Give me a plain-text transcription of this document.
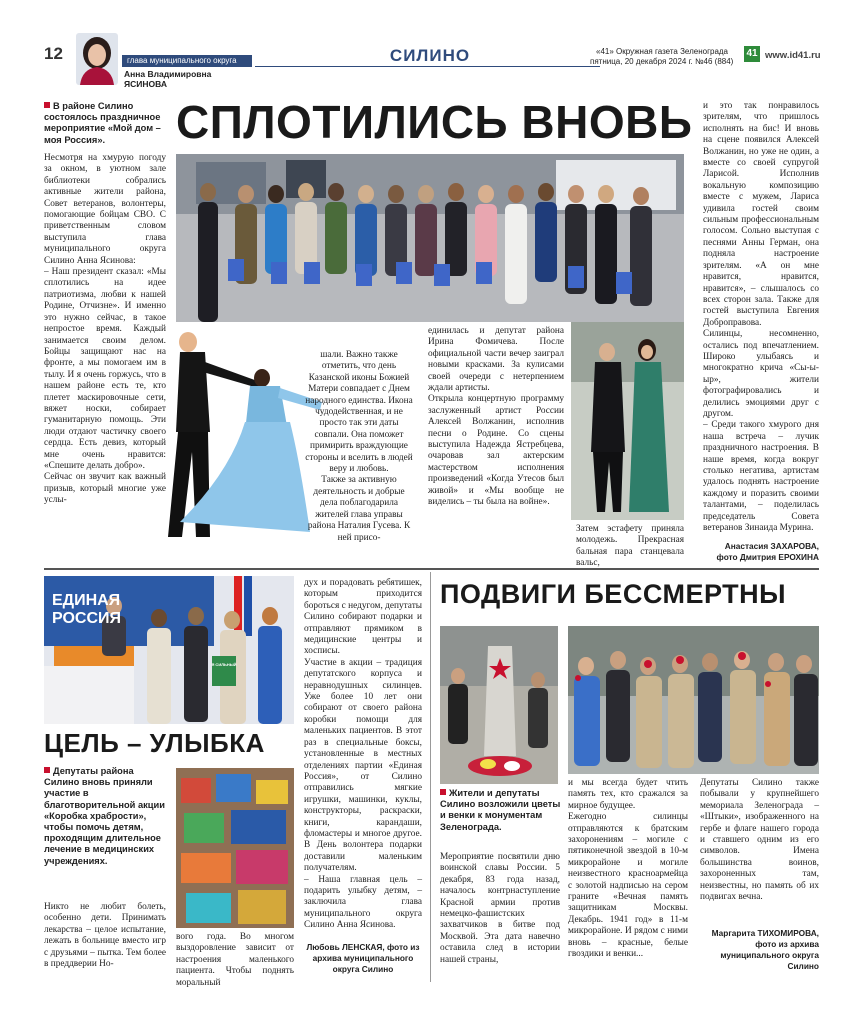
12	глава муниципального округа
Анна Владимировна
ЯСИНОВА
СИЛИНО	«41» Окружная газета Зеленограда
пятница, 20 декабря 2024 г. №46 (884)
41 www.id41.ru
В районе Силино состоялось праздничное мероприятие «Мой дом – моя Россия».
Несмотря на хмурую погоду за окном, в уютном зале библиотеки собрались активные жители района, Совет ветеранов, волонтеры, помогающие бойцам СВО. С приветственным словом выступила глава муниципального округа Силино Анна Ясинова:
– Наш президент сказал: «Мы сплотились на идее патриотизма, любви к нашей Родине, Отчизне». И именно это нужно сейчас, в такое непростое время. Каждый занимается своим делом. Бойцы защищают нас на фронте, а мы помогаем им в тылу. И я очень горжусь, что в нашем районе есть те, кто плетет маскировочные сети, вяжет носки, собирает гуманитарную помощь. Эти люди отдают частичку своего сердца. Есть девиз, который мне очень нравится: «Спешите делать добро».
Сейчас он звучит как важный призыв, который многие уже услы-
СПЛОТИЛИСЬ ВНОВЬ
шали. Важно также отметить, что день Казанской иконы Божией Матери совпадает с Днем народного единства. Икона чудодейственная, и не просто так эти даты совпали. Она поможет примирить враждующие стороны и вселить в людей веру и любовь.
Также за активную деятельность и добрые дела поблагодарила жителей глава управы района Наталия Гусева. К ней присо-
единилась и депутат района Ирина Фомичева. После официальной части вечер заиграл новыми красками. За кулисами своей очереди с нетерпением ждали артисты.
Открыла концертную программу заслуженный артист России Алексей Волжанин, исполнив песни о Родине. Со сцены выступила Надежда Ястребцева, очаровав зал актерским мастерством исполнения произведений «Когда Утесов был живой» и «Мы вообще не виделись – ты была на войне».
Затем эстафету приняла молодежь. Прекрасная бальная пара станцевала вальс,
и это так понравилось зрителям, что пришлось исполнять на бис! И вновь на сцене появился Алексей Волжанин, но уже не один, а вместе со своей супругой Ларисой. Исполнив вокальную композицию вместе с мужем, Лариса удивила гостей своим сильным профессиональным голосом. Сольно выступая с песнями Анны Герман, она подняла настроение зрителям. «А он мне нравится, нравится, нравится», – слышалось со всех сторон зала. Также для гостей выступила Евгения Доброправова.
Силинцы, несомненно, остались под впечатлением. Широко улыбаясь и многократно крича «Сы-ы-ыр», жители фотографировались и делились эмоциями друг с другом.
– Среди такого хмурого дня наша встреча – лучик праздничного настроения. В наше время, когда вокруг столько негатива, артистам удалось поднять настроение каждому и поразить своими талантами, – поделилась председатель Совета ветеранов Зинаида Мурина.
Анастасия ЗАХАРОВА,
фото Дмитрия ЕРОХИНА
ЕДИНАЯ РОССИЯ
Я СИЛЬНЫЙ
ЦЕЛЬ – УЛЫБКА
Депутаты района Силино вновь приняли участие в благотворительной акции «Коробка храбрости», чтобы помочь детям, проходящим длительное лечение в медицинских учреждениях.
Никто не любит болеть, особенно дети. Принимать лекарства – целое испытание, лежать в больнице вместо игр с друзьями – пытка. Тем более в преддверии Но-
вого года. Во многом выздоровление зависит от настроения маленького пациента. Чтобы поднять моральный
дух и порадовать ребятишек, которым приходится бороться с недугом, депутаты Силино собирают подарки и отправляют прямиком в медицинские центры и хосписы.
Участие в акции – традиция депутатского корпуса и неравнодушных силинцев. Уже более 10 лет они собирают от своего района коробки помощи для маленьких пациентов. В этот раз в специальные боксы, установленные в местных отделениях партии «Единая Россия», от Силино отправились мягкие игрушки, машинки, куклы, конструкторы, раскраски, книги, карандаши, фломастеры и многое другое. В День волонтера подарки доставили маленьким получателям.
– Наша главная цель – подарить улыбку детям, – заключила глава муниципального округа Силино Анна Ясинова.
Любовь ЛЕНСКАЯ, фото из
архива муниципального
округа Силино
ПОДВИГИ БЕССМЕРТНЫ
Жители и депутаты Силино возложили цветы и венки к монументам Зеленограда.
Мероприятие посвятили дню воинской славы России. 5 декабря, 83 года назад, началось контрнаступление Красной армии против немецко-фашистских захватчиков в битве под Москвой. Эта дата навечно оставила след в истории нашей страны,
и мы всегда будет чтить память тех, кто сражался за мирное будущее.
Ежегодно силинцы отправляются к братским захоронениям – могиле с пятиконечной звездой в 10-м микрорайоне и могиле неизвестного красноармейца с золотой надписью на сером граните «Вечная память защитникам Москвы. Декабрь. 1941 год» в 11-м микрорайоне. И рядом с ними вновь – красные, белые гвоздики и венки...
Депутаты Силино также побывали у крупнейшего мемориала Зеленограда – «Штыки», изображенного на гербе и флаге нашего города и ставшего одним из его символов. Имена большинства воинов, захороненных там, неизвестны, но память об их подвигах вечна.
Маргарита ТИХОМИРОВА,
фото из архива
муниципального округа
Силино
